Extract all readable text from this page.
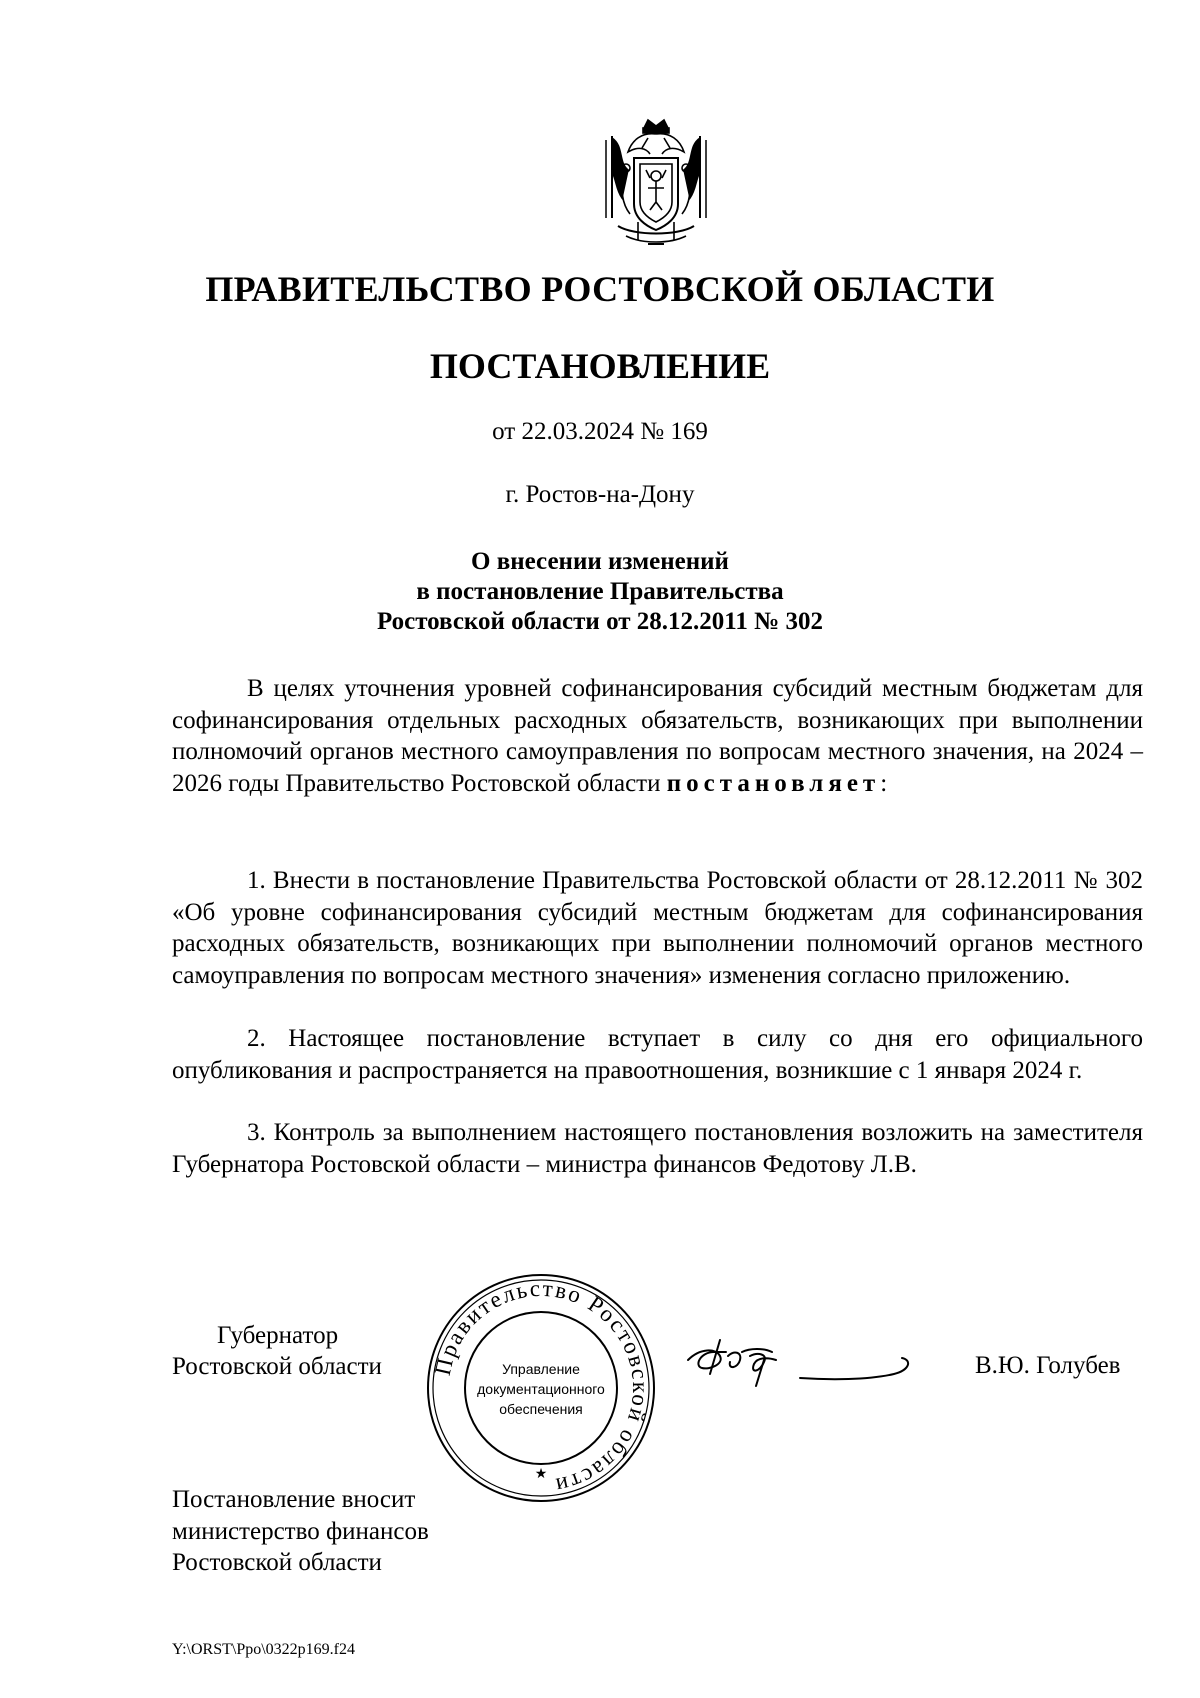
ПРАВИТЕЛЬСТВО РОСТОВСКОЙ ОБЛАСТИ
ПОСТАНОВЛЕНИЕ
от 22.03.2024 № 169
г. Ростов-на-Дону
О внесении изменений
в постановление Правительства
Ростовской области от 28.12.2011 № 302
В целях уточнения уровней софинансирования субсидий местным бюджетам для софинансирования отдельных расходных обязательств, возникающих при выполнении полномочий органов местного самоуправления по вопросам местного значения, на 2024 – 2026 годы Правительство Ростовской области постановляет:
1. Внести в постановление Правительства Ростовской области от 28.12.2011 № 302 «Об уровне софинансирования субсидий местным бюджетам для софинансирования расходных обязательств, возникающих при выполнении полномочий органов местного самоуправления по вопросам местного значения» изменения согласно приложению.
2. Настоящее постановление вступает в силу со дня его официального опубликования и распространяется на правоотношения, возникшие с 1 января 2024 г.
3. Контроль за выполнением настоящего постановления возложить на заместителя Губернатора Ростовской области – министра финансов Федотову Л.В.
Губернатор
Ростовской области Правительство Ростовской области
Управление
документационного
обеспечения
★
В.Ю. Голубев
Постановление вносит
министерство финансов
Ростовской области
Y:\ORST\Ppo\0322p169.f24
